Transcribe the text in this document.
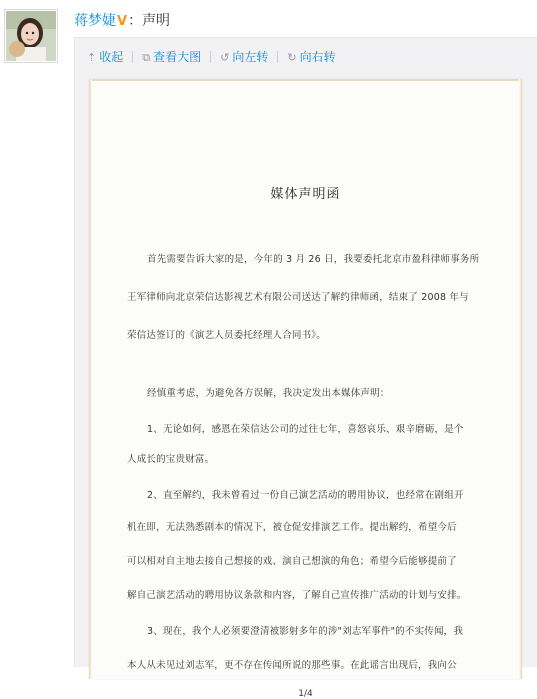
蒋梦婕V：声明
⇡ 收起 ⧉ 查看大图 ↺ 向左转 ↻ 向右转
媒体声明函
首先需要告诉大家的是，今年的 3 月 26 日，我要委托北京市盈科律师事务所
王军律师向北京荣信达影视艺术有限公司送达了解约律师函，结束了 2008 年与
荣信达签订的《演艺人员委托经理人合同书》。
经慎重考虑，为避免各方误解，我决定发出本媒体声明：
1、无论如何，感恩在荣信达公司的过往七年，喜怒哀乐、艰辛磨砺，是个
人成长的宝贵财富。
2、直至解约，我未曾看过一份自己演艺活动的聘用协议，也经常在剧组开
机在即，无法熟悉剧本的情况下，被仓促安排演艺工作。提出解约，希望今后
可以相对自主地去接自己想接的戏、演自己想演的角色；希望今后能够提前了
解自己演艺活动的聘用协议条款和内容，了解自己宣传推广活动的计划与安排。
3、现在，我个人必须要澄清被影射多年的涉"刘志军事件"的不实传闻，我
本人从未见过刘志军，更不存在传闻所说的那些事。在此谣言出现后，我向公
1/4
